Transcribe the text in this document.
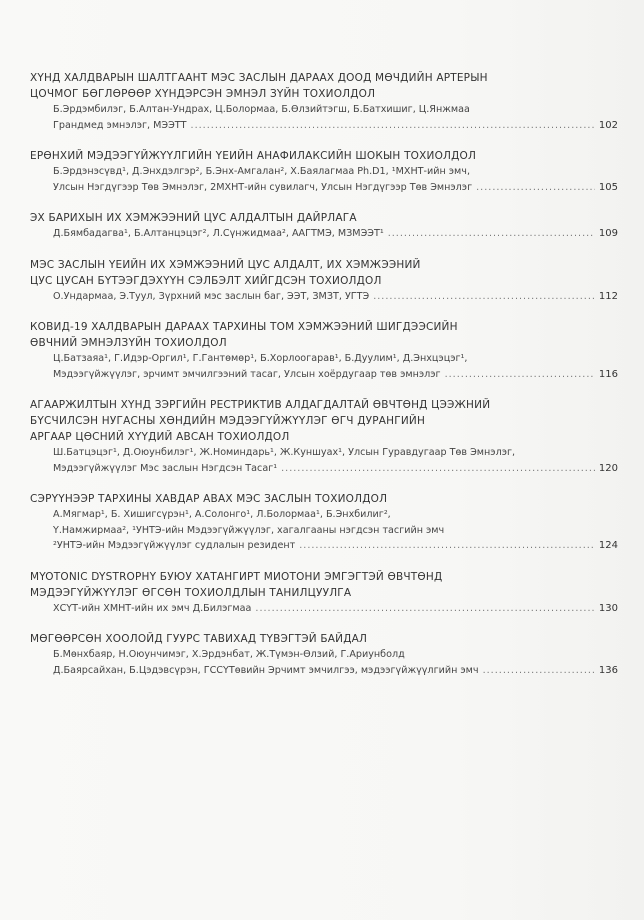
ХҮНД ХАЛДВАРЫН ШАЛТГААНТ МЭС ЗАСЛЫН ДАРААХ ДООД МӨЧДИЙН АРТЕРЫН
ЦОЧМОГ БӨГЛӨРӨӨР ХҮНДЭРСЭН ЭМНЭЛ ЗҮЙН ТОХИОЛДОЛ
Б.Эрдэмбилэг, Б.Алтан-Ундрах, Ц.Болормаа, Б.Өлзийтэгш, Б.Батхишиг, Ц.Янжмаа
Грандмед эмнэлэг, МЭЭТТ .....	102
ЕРӨНХИЙ МЭДЭЭГҮЙЖҮҮЛГИЙН ҮЕИЙН АНАФИЛАКСИЙН ШОКЫН ТОХИОЛДОЛ
Б.Эрдэнэсүвд¹, Д.Энхдэлгэр², Б.Энх-Амгалан², Х.Баялагмаа Ph.D1, ¹МХНТ-ийн эмч,
Улсын Нэгдүгээр Төв Эмнэлэг, 2МХНТ-ийн сувилагч, Улсын Нэгдүгээр Төв Эмнэлэг .....	105
ЭХ БАРИХЫН ИХ ХЭМЖЭЭНИЙ ЦУС АЛДАЛТЫН ДАЙРЛАГА
Д.Бямбадагва¹, Б.Алтанцэцэг², Л.Сүнжидмаа², ААГТМЭ, МЗМЭЭТ¹ .....	109
МЭС ЗАСЛЫН ҮЕИЙН ИХ ХЭМЖЭЭНИЙ ЦУС АЛДАЛТ, ИХ ХЭМЖЭЭНИЙ
ЦУС ЦУСАН БҮТЭЭГДЭХҮҮН СЭЛБЭЛТ ХИЙГДСЭН ТОХИОЛДОЛ
О.Ундармаа, Э.Туул, Зүрхний мэс заслын баг, ЭЭТ, ЗМЗТ, УГТЭ .....	112
КОВИД-19 ХАЛДВАРЫН ДАРААХ ТАРХИНЫ ТОМ ХЭМЖЭЭНИЙ ШИГДЭЭСИЙН
ӨВЧНИЙ ЭМНЭЛЗҮЙН ТОХИОЛДОЛ
Ц.Батзаяа¹, Г.Идэр-Оргил¹, Г.Гантөмөр¹, Б.Хорлоогарав¹, Б.Дуулим¹, Д.Энхцэцэг¹,
Мэдээгүйжүүлэг, эрчимт эмчилгээний тасаг, Улсын хоёрдугаар төв эмнэлэг .....	116
АГААРЖИЛТЫН ХҮНД ЗЭРГИЙН РЕСТРИКТИВ АЛДАГДАЛТАЙ ӨВЧТӨНД ЦЭЭЖНИЙ
БҮСЧИЛСЭН НУГАСНЫ ХӨНДИЙН МЭДЭЭГҮЙЖҮҮЛЭГ ӨГЧ ДУРАНГИЙН
АРГААР ЦӨСНИЙ ХҮҮДИЙ АВСАН ТОХИОЛДОЛ
Ш.Батцэцэг¹, Д.Оюунбилэг¹, Ж.Номиндарь¹, Ж.Куншуах¹, Улсын Гуравдугаар Төв Эмнэлэг,
Мэдээгүйжүүлэг Мэс заслын Нэгдсэн Тасаг¹ .....	120
СЭРҮҮНЭЭР ТАРХИНЫ ХАВДАР АВАХ МЭС ЗАСЛЫН ТОХИОЛДОЛ
А.Мягмар¹, Б. Хишигсүрэн¹, А.Солонго¹, Л.Болормаа¹, Б.Энхбилиг²,
Ү.Намжирмаа², ¹УНТЭ-ийн Мэдээгүйжүүлэг, хагалгааны нэгдсэн тасгийн эмч
²УНТЭ-ийн Мэдээгүйжүүлэг судлалын резидент .....	124
MYOTONIC DYSTROPHY БУЮУ ХАТАНГИРТ МИОТОНИ ЭМГЭГТЭЙ ӨВЧТӨНД
МЭДЭЭГҮЙЖҮҮЛЭГ ӨГСӨН ТОХИОЛДЛЫН ТАНИЛЦУУЛГА
ХСҮТ-ийн ХМНТ-ийн их эмч Д.Билэгмаа .....	130
МӨГӨӨРСӨН ХООЛОЙД ГУУРС ТАВИХАД ТҮВЭГТЭЙ БАЙДАЛ
Б.Мөнхбаяр, Н.Оюунчимэг, Х.Эрдэнбат, Ж.Түмэн-Өлзий, Г.Ариунболд
Д.Баярсайхан, Б.Цэдэвсүрэн, ГССҮТөвийн Эрчимт эмчилгээ, мэдээгүйжүүлгийн эмч .....	136
